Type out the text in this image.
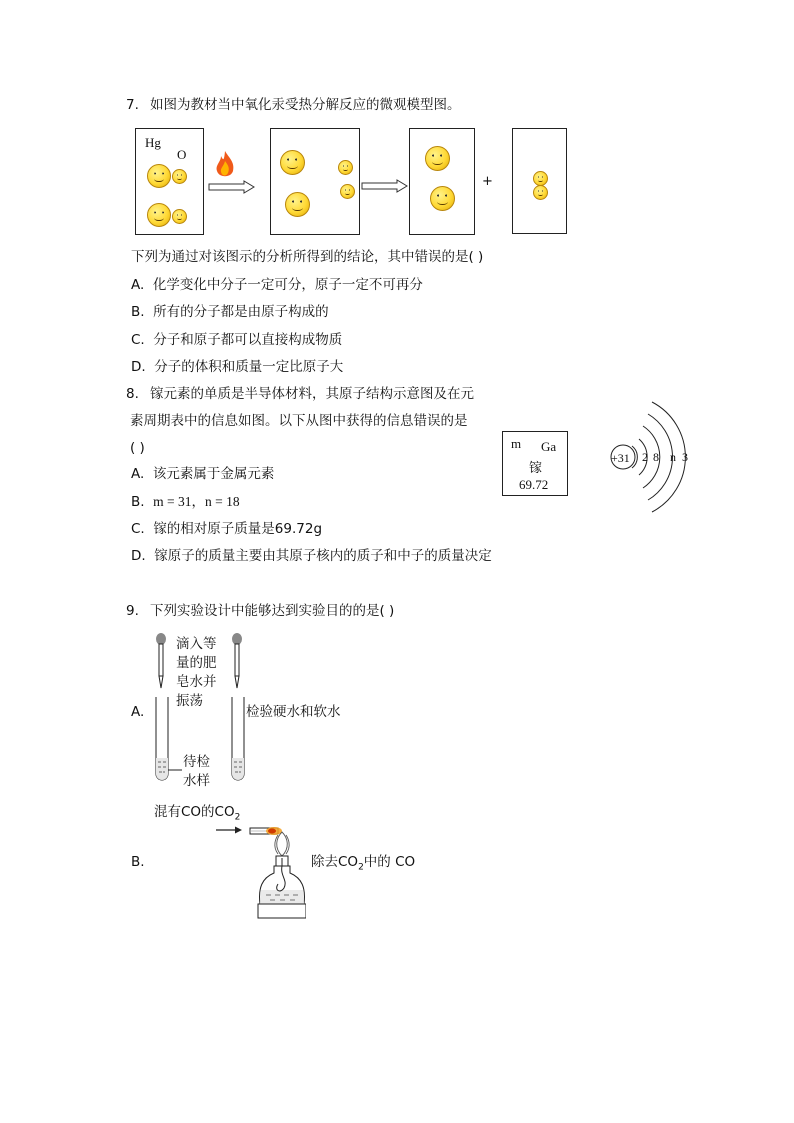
7. 如图为教材当中氧化汞受热分解反应的微观模型图。
Hg
O
+
下列为通过对该图示的分析所得到的结论，其中错误的是( )
A. 化学变化中分子一定可分，原子一定不可再分
B. 所有的分子都是由原子构成的
C. 分子和原子都可以直接构成物质
D. 分子的体积和质量一定比原子大
8. 镓元素的单质是半导体材料，其原子结构示意图及在元
素周期表中的信息如图。以下从图中获得的信息错误的是
( )	m Ga
镓
69.72
+31 2 8 n 3
A. 该元素属于金属元素
B. m = 31，n = 18
C. 镓的相对原子质量是69.72g
D. 镓原子的质量主要由其原子核内的质子和中子的质量决定
9. 下列实验设计中能够达到实验目的的是( )
滴入等
量的肥
皂水并
振荡
A.	检验硬水和软水
待检
水样
混有CO的$CO_2$
B.	除去$CO_2$中的 CO
